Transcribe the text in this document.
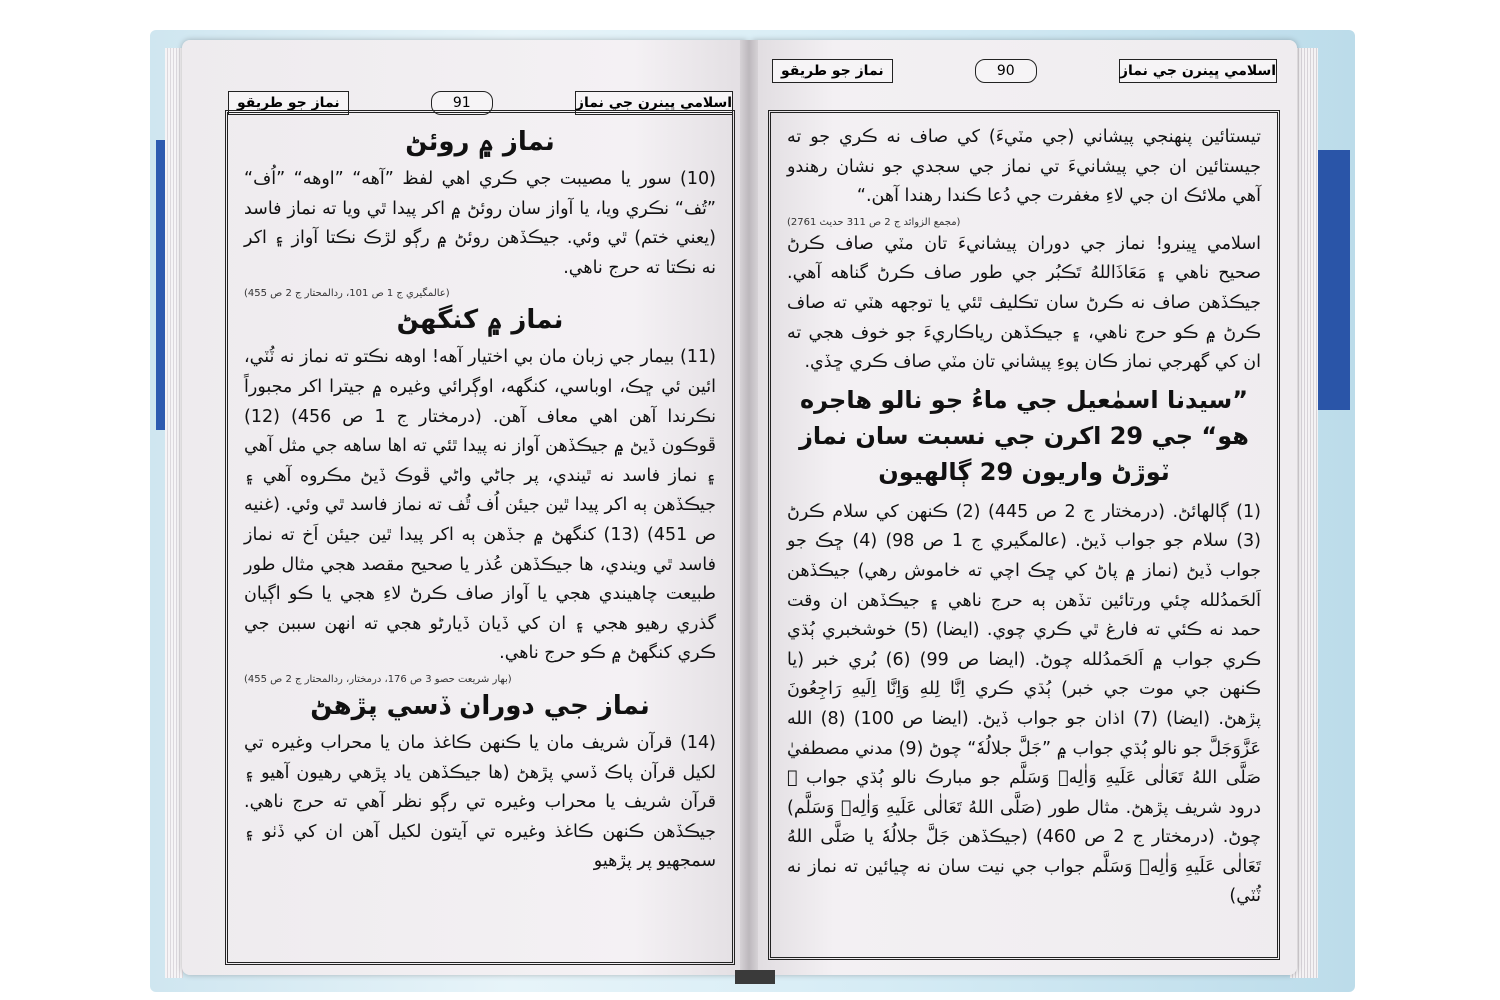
نماز جو طريقو	91	اسلامي ڀينرن جي نماز
نماز جو طريقو	90	اسلامي ڀينرن جي نماز
نماز ۾ روئڻ

(10) سور يا مصيبت جي ڪري اهي لفظ ”آهه“ ”اوهه“ ”اُف“ ”تُف“ نڪري ويا، يا آواز سان روئڻ ۾ اکر پيدا ٿي ويا ته نماز فاسد (يعني ختم) ٿي وئي. جيڪڏهن روئڻ ۾ رڳو لڙڪ نڪتا آواز ۽ اکر نه نڪتا ته حرج ناهي.

(عالمگيري ج 1 ص 101، ردالمحتار ج 2 ص 455)
نماز ۾ کنگهڻ

(11) بيمار جي زبان مان بي اختيار آهه! اوهه نڪتو ته نماز نه ٽُٽي، ائين ئي ڇڪ، اوباسي، کنگهه، اوڳرائي وغيره ۾ جيترا اکر مجبوراً نڪرندا آهن اهي معاف آهن. (درمختار ج 1 ص 456) (12) ڦوڪون ڏيڻ ۾ جيڪڏهن آواز نه پيدا ٿئي ته اها ساهه جي مثل آهي ۽ نماز فاسد نه ٿيندي، پر جاڻي واڻي ڦوڪ ڏيڻ مڪروه آهي ۽ جيڪڏهن ٻه اکر پيدا ٿين جيئن اُف ٿُف ته نماز فاسد ٿي وئي. (غنيه ص 451) (13) کنگهڻ ۾ جڏهن ٻه اکر پيدا ٿين جيئن اَخ ته نماز فاسد ٿي ويندي، ها جيڪڏهن عُذر يا صحيح مقصد هجي مثال طور طبيعت چاهيندي هجي يا آواز صاف ڪرڻ لاءِ هجي يا ڪو اڳيان گذري رهيو هجي ۽ ان کي ڏيان ڏيارڻو هجي ته انهن سببن جي ڪري کنگهڻ ۾ ڪو حرج ناهي.

(بهار شريعت حصو 3 ص 176، درمختار، ردالمحتار ج 2 ص 455)
نماز جي دوران ڏسي پڙهڻ

(14) قرآن شريف مان يا ڪنهن ڪاغذ مان يا محراب وغيره تي لکيل قرآن پاڪ ڏسي پڙهڻ (ها جيڪڏهن ياد پڙهي رهيون آهيو ۽ قرآن شريف يا محراب وغيره تي رڳو نظر آهي ته حرج ناهي. جيڪڏهن ڪنهن ڪاغذ وغيره تي آيتون لکيل آهن ان کي ڏٺو ۽ سمجهيو پر پڙهيو

تيستائين پنهنجي پيشاني (جي مٽيءَ) کي صاف نه ڪري جو ته جيستائين ان جي پيشانيءَ تي نماز جي سجدي جو نشان رهندو آهي ملائڪ ان جي لاءِ مغفرت جي دُعا ڪندا رهندا آهن.“

(مجمع الزوائد ج 2 ص 311 حديث 2761)

اسلامي ڀينرو! نماز جي دوران پيشانيءَ تان مٽي صاف ڪرڻ صحيح ناهي ۽ مَعَاذَاللهُ تَڪبُر جي طور صاف ڪرڻ گناهه آهي. جيڪڏهن صاف نه ڪرڻ سان تڪليف ٿئي يا توجهه هٽي ته صاف ڪرڻ ۾ ڪو حرج ناهي، ۽ جيڪڏهن رياڪاريءَ جو خوف هجي ته ان کي گهرجي نماز ڪان پوءِ پيشاني تان مٽي صاف ڪري ڇڏي.

”سيدنا اسمٰعيل جي ماءُ جو نالو هاجره هو“ جي 29 اکرن جي نسبت سان نماز ٽوڙڻ واريون 29 ڳالهيون

(1) ڳالهائڻ. (درمختار ج 2 ص 445) (2) ڪنهن کي سلام ڪرڻ (3) سلام جو جواب ڏيڻ. (عالمگيري ج 1 ص 98) (4) ڇڪ جو جواب ڏيڻ (نماز ۾ پاڻ کي ڇڪ اچي ته خاموش رهي) جيڪڏهن اَلحَمدُلله چئي ورتائين تڏهن ٻه حرج ناهي ۽ جيڪڏهن ان وقت حمد نه ڪئي ته فارغ ٿي ڪري چوي. (ايضا) (5) خوشخبري ٻُڌي ڪري جواب ۾ اَلحَمدُلله چوڻ. (ايضا ص 99) (6) بُري خبر (يا ڪنهن جي موت جي خبر) ٻُڌي ڪري اِنَّا لِلهِ وَاِنَّا اِلَيهِ رَاجِعُونَ پڙهڻ. (ايضا) (7) اذان جو جواب ڏيڻ. (ايضا ص 100) (8) الله عَزَّوَجَلَّ جو نالو ٻُڌي جواب ۾ ”جَلَّ جلالُهٗ“ چوڻ (9) مدني مصطفيٰ صَلَّی اللهُ تَعَالٰی عَلَيهِ وَاٰلِهٖ وَسَلَّم جو مبارڪ نالو ٻُڌي جواب ۾ درود شريف پڙهڻ. مثال طور (صَلَّی اللهُ تَعَالٰی عَلَيهِ وَاٰلِهٖ وَسَلَّم) چوڻ. (درمختار ج 2 ص 460) (جيڪڏهن جَلَّ جلالُهٗ يا صَلَّی اللهُ تَعَالٰی عَلَيهِ وَاٰلِهٖ وَسَلَّم جواب جي نيت سان نه چيائين ته نماز نه ٽُٽي)
